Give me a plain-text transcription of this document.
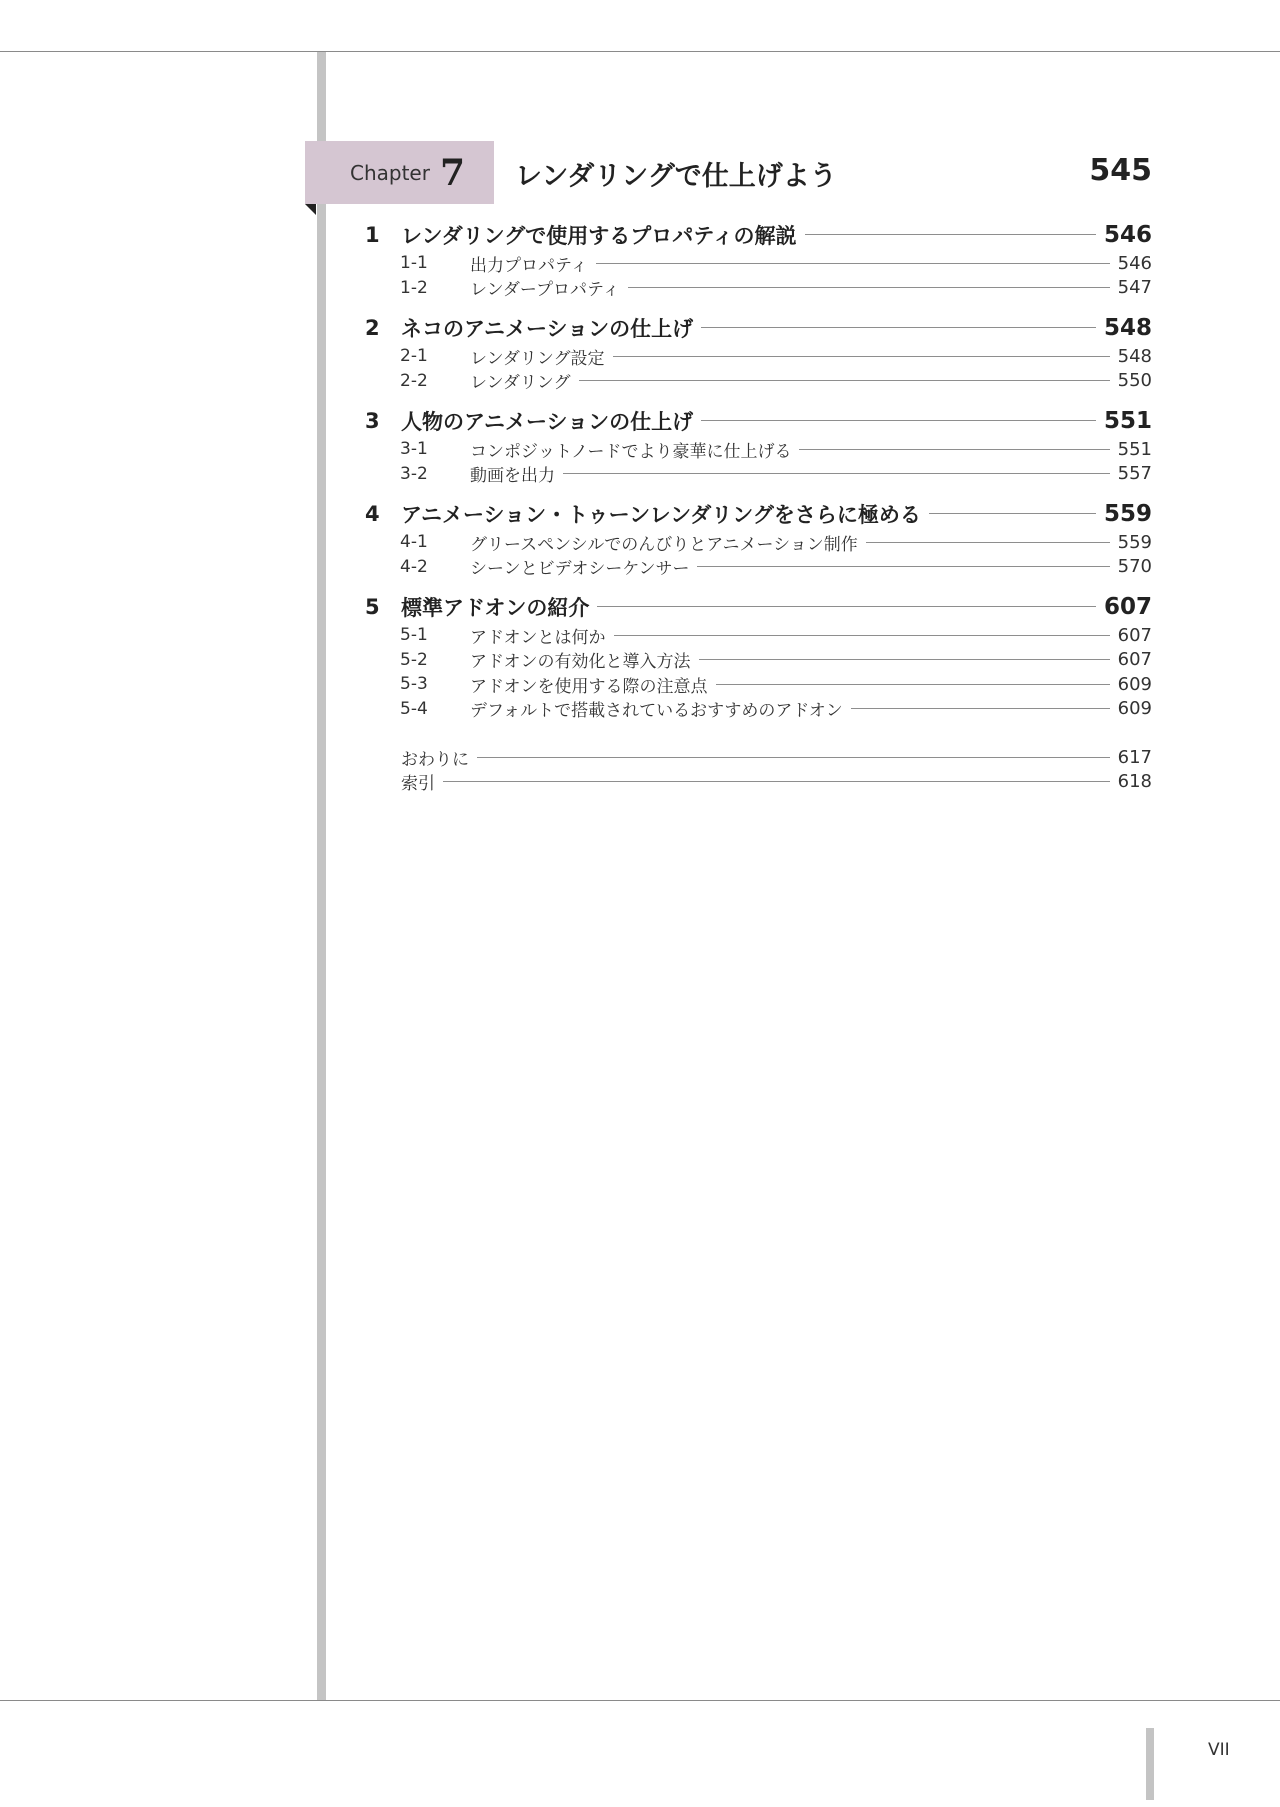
Chapter 7 レンダリングで仕上げよう	545
1 レンダリングで使用するプロパティの解説	546
1-1 出力プロパティ	546
1-2 レンダープロパティ	547
2 ネコのアニメーションの仕上げ	548
2-1 レンダリング設定	548
2-2 レンダリング	550
3 人物のアニメーションの仕上げ	551
3-1 コンポジットノードでより豪華に仕上げる	551
3-2 動画を出力	557
4 アニメーション・トゥーンレンダリングをさらに極める	559
4-1 グリースペンシルでのんびりとアニメーション制作	559
4-2 シーンとビデオシーケンサー	570
5 標準アドオンの紹介	607
5-1 アドオンとは何か	607
5-2 アドオンの有効化と導入方法	607
5-3 アドオンを使用する際の注意点	609
5-4 デフォルトで搭載されているおすすめのアドオン	609
おわりに	617
索引	618
VII
